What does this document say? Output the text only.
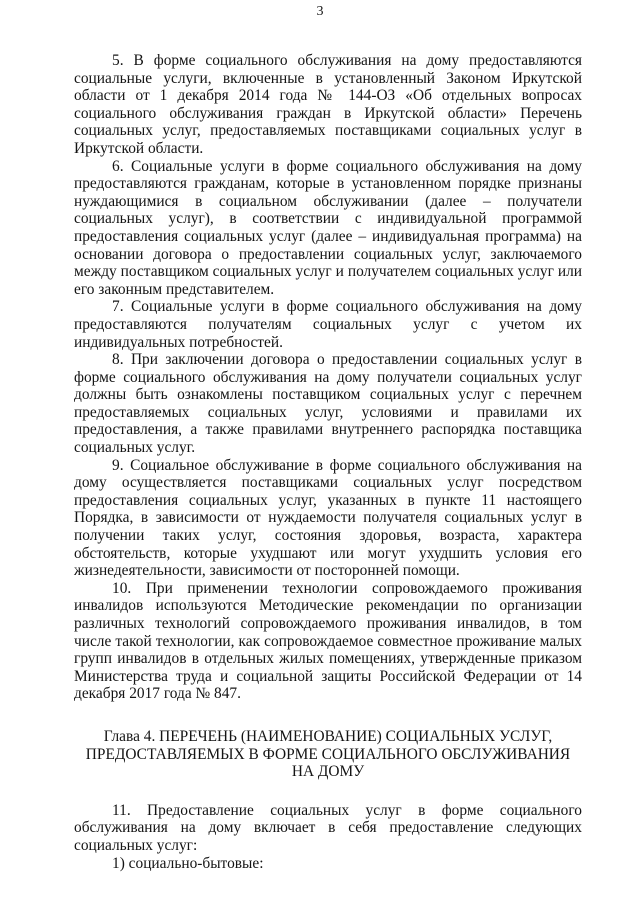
3

5. В форме социального обслуживания на дому предоставляются социальные услуги, включенные в установленный Законом Иркутской области от 1 декабря 2014 года № 144-ОЗ «Об отдельных вопросах социального обслуживания граждан в Иркутской области» Перечень социальных услуг, предоставляемых поставщиками социальных услуг в Иркутской области.

6. Социальные услуги в форме социального обслуживания на дому предоставляются гражданам, которые в установленном порядке признаны нуждающимися в социальном обслуживании (далее – получатели социальных услуг), в соответствии с индивидуальной программой предоставления социальных услуг (далее – индивидуальная программа) на основании договора о предоставлении социальных услуг, заключаемого между поставщиком социальных услуг и получателем социальных услуг или его законным представителем.

7. Социальные услуги в форме социального обслуживания на дому предоставляются получателям социальных услуг с учетом их индивидуальных потребностей.

8. При заключении договора о предоставлении социальных услуг в форме социального обслуживания на дому получатели социальных услуг должны быть ознакомлены поставщиком социальных услуг с перечнем предоставляемых социальных услуг, условиями и правилами их предоставления, а также правилами внутреннего распорядка поставщика социальных услуг.

9. Социальное обслуживание в форме социального обслуживания на дому осуществляется поставщиками социальных услуг посредством предоставления социальных услуг, указанных в пункте 11 настоящего Порядка, в зависимости от нуждаемости получателя социальных услуг в получении таких услуг, состояния здоровья, возраста, характера обстоятельств, которые ухудшают или могут ухудшить условия его жизнедеятельности, зависимости от посторонней помощи.

10. При применении технологии сопровождаемого проживания инвалидов используются Методические рекомендации по организации различных технологий сопровождаемого проживания инвалидов, в том числе такой технологии, как сопровождаемое совместное проживание малых групп инвалидов в отдельных жилых помещениях, утвержденные приказом Министерства труда и социальной защиты Российской Федерации от 14 декабря 2017 года № 847.

Глава 4. ПЕРЕЧЕНЬ (НАИМЕНОВАНИЕ) СОЦИАЛЬНЫХ УСЛУГ, ПРЕДОСТАВЛЯЕМЫХ В ФОРМЕ СОЦИАЛЬНОГО ОБСЛУЖИВАНИЯ НА ДОМУ

11. Предоставление социальных услуг в форме социального обслуживания на дому включает в себя предоставление следующих социальных услуг:

1) социально-бытовые:
